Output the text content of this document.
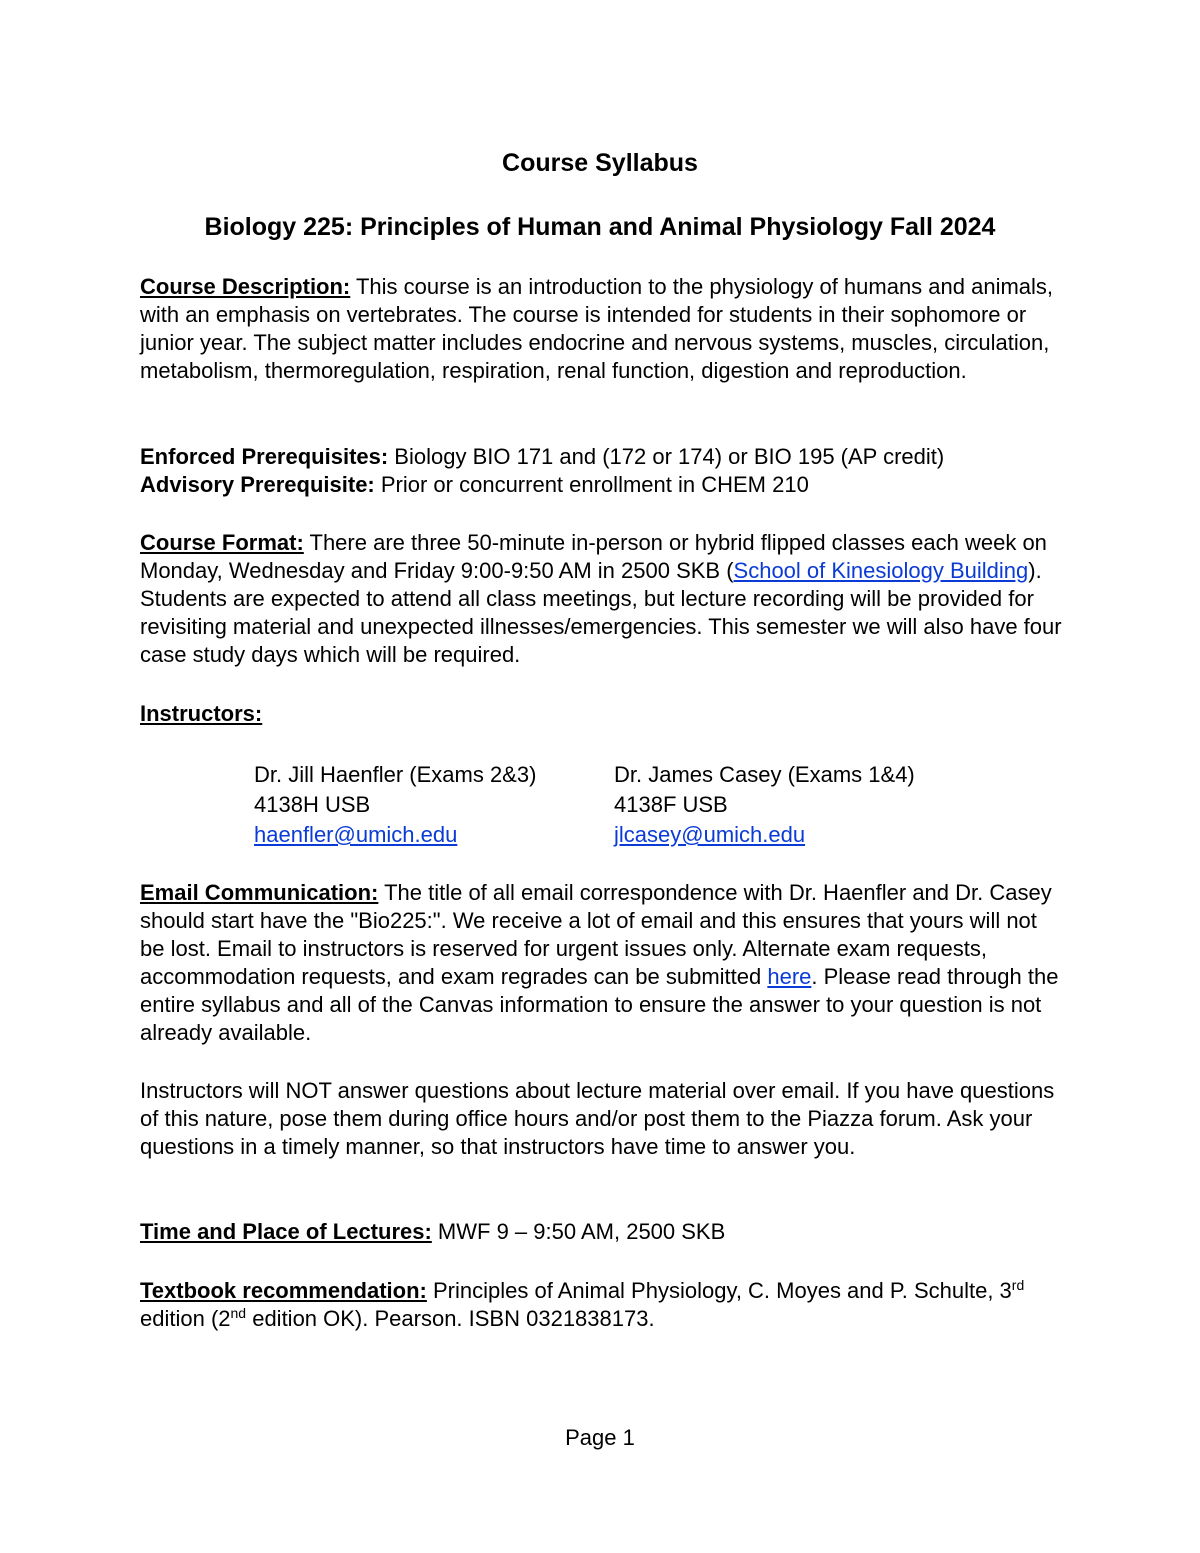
Course Syllabus
Biology 225: Principles of Human and Animal Physiology Fall 2024
Course Description: This course is an introduction to the physiology of humans and animals, with an emphasis on vertebrates. The course is intended for students in their sophomore or junior year. The subject matter includes endocrine and nervous systems, muscles, circulation, metabolism, thermoregulation, respiration, renal function, digestion and reproduction.
Enforced Prerequisites: Biology BIO 171 and (172 or 174) or BIO 195 (AP credit)
Advisory Prerequisite: Prior or concurrent enrollment in CHEM 210
Course Format: There are three 50-minute in-person or hybrid flipped classes each week on Monday, Wednesday and Friday 9:00-9:50 AM in 2500 SKB (School of Kinesiology Building). Students are expected to attend all class meetings, but lecture recording will be provided for revisiting material and unexpected illnesses/emergencies. This semester we will also have four case study days which will be required.
Instructors:
Dr. Jill Haenfler (Exams 2&3)
4138H USB
haenfler@umich.edu
Dr. James Casey (Exams 1&4)
4138F USB
jlcasey@umich.edu
Email Communication: The title of all email correspondence with Dr. Haenfler and Dr. Casey should start have the "Bio225:". We receive a lot of email and this ensures that yours will not be lost. Email to instructors is reserved for urgent issues only. Alternate exam requests, accommodation requests, and exam regrades can be submitted here. Please read through the entire syllabus and all of the Canvas information to ensure the answer to your question is not already available.
Instructors will NOT answer questions about lecture material over email. If you have questions of this nature, pose them during office hours and/or post them to the Piazza forum. Ask your questions in a timely manner, so that instructors have time to answer you.
Time and Place of Lectures: MWF 9 – 9:50 AM, 2500 SKB
Textbook recommendation: Principles of Animal Physiology, C. Moyes and P. Schulte, 3rd edition (2nd edition OK). Pearson. ISBN 0321838173.
Page 1
